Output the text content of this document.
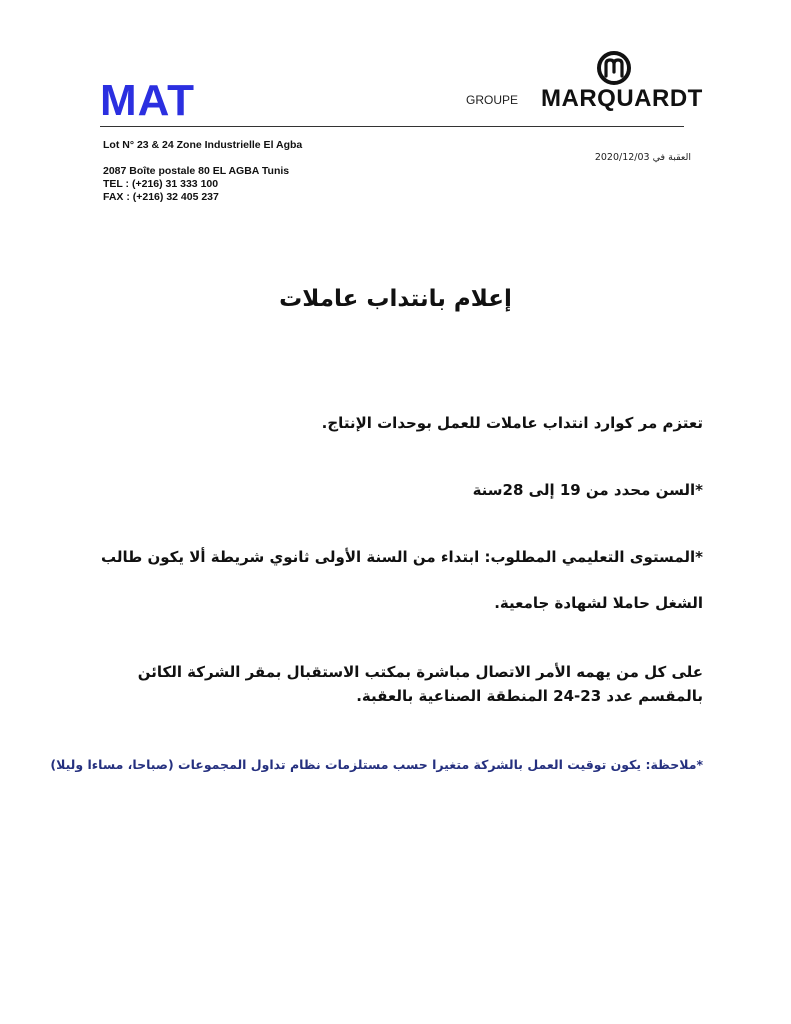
MAT	GROUPE MARQUARDT
Lot N° 23 & 24 Zone Industrielle El Agba
2087 Boîte postale 80 EL AGBA Tunis
TEL : (+216) 31 333 100
FAX : (+216) 32 405 237
العقبة في 2020/12/03
إعلام بانتداب عاملات
تعتزم مر كوارد انتداب عاملات للعمل بوحدات الإنتاج.
*السن محدد من 19 إلى 28سنة
*المستوى التعليمي المطلوب: ابتداء من السنة الأولى ثانوي شريطة ألا يكون طالب
الشغل حاملا لشهادة جامعية.
على كل من يهمه الأمر الاتصال مباشرة بمكتب الاستقبال بمقر الشركة الكائن بالمقسم عدد 23-24 المنطقة الصناعية بالعقبة.
*ملاحظة: يكون توقيت العمل بالشركة متغيرا حسب مستلزمات نظام تداول المجموعات (صباحا، مساءا وليلا)
